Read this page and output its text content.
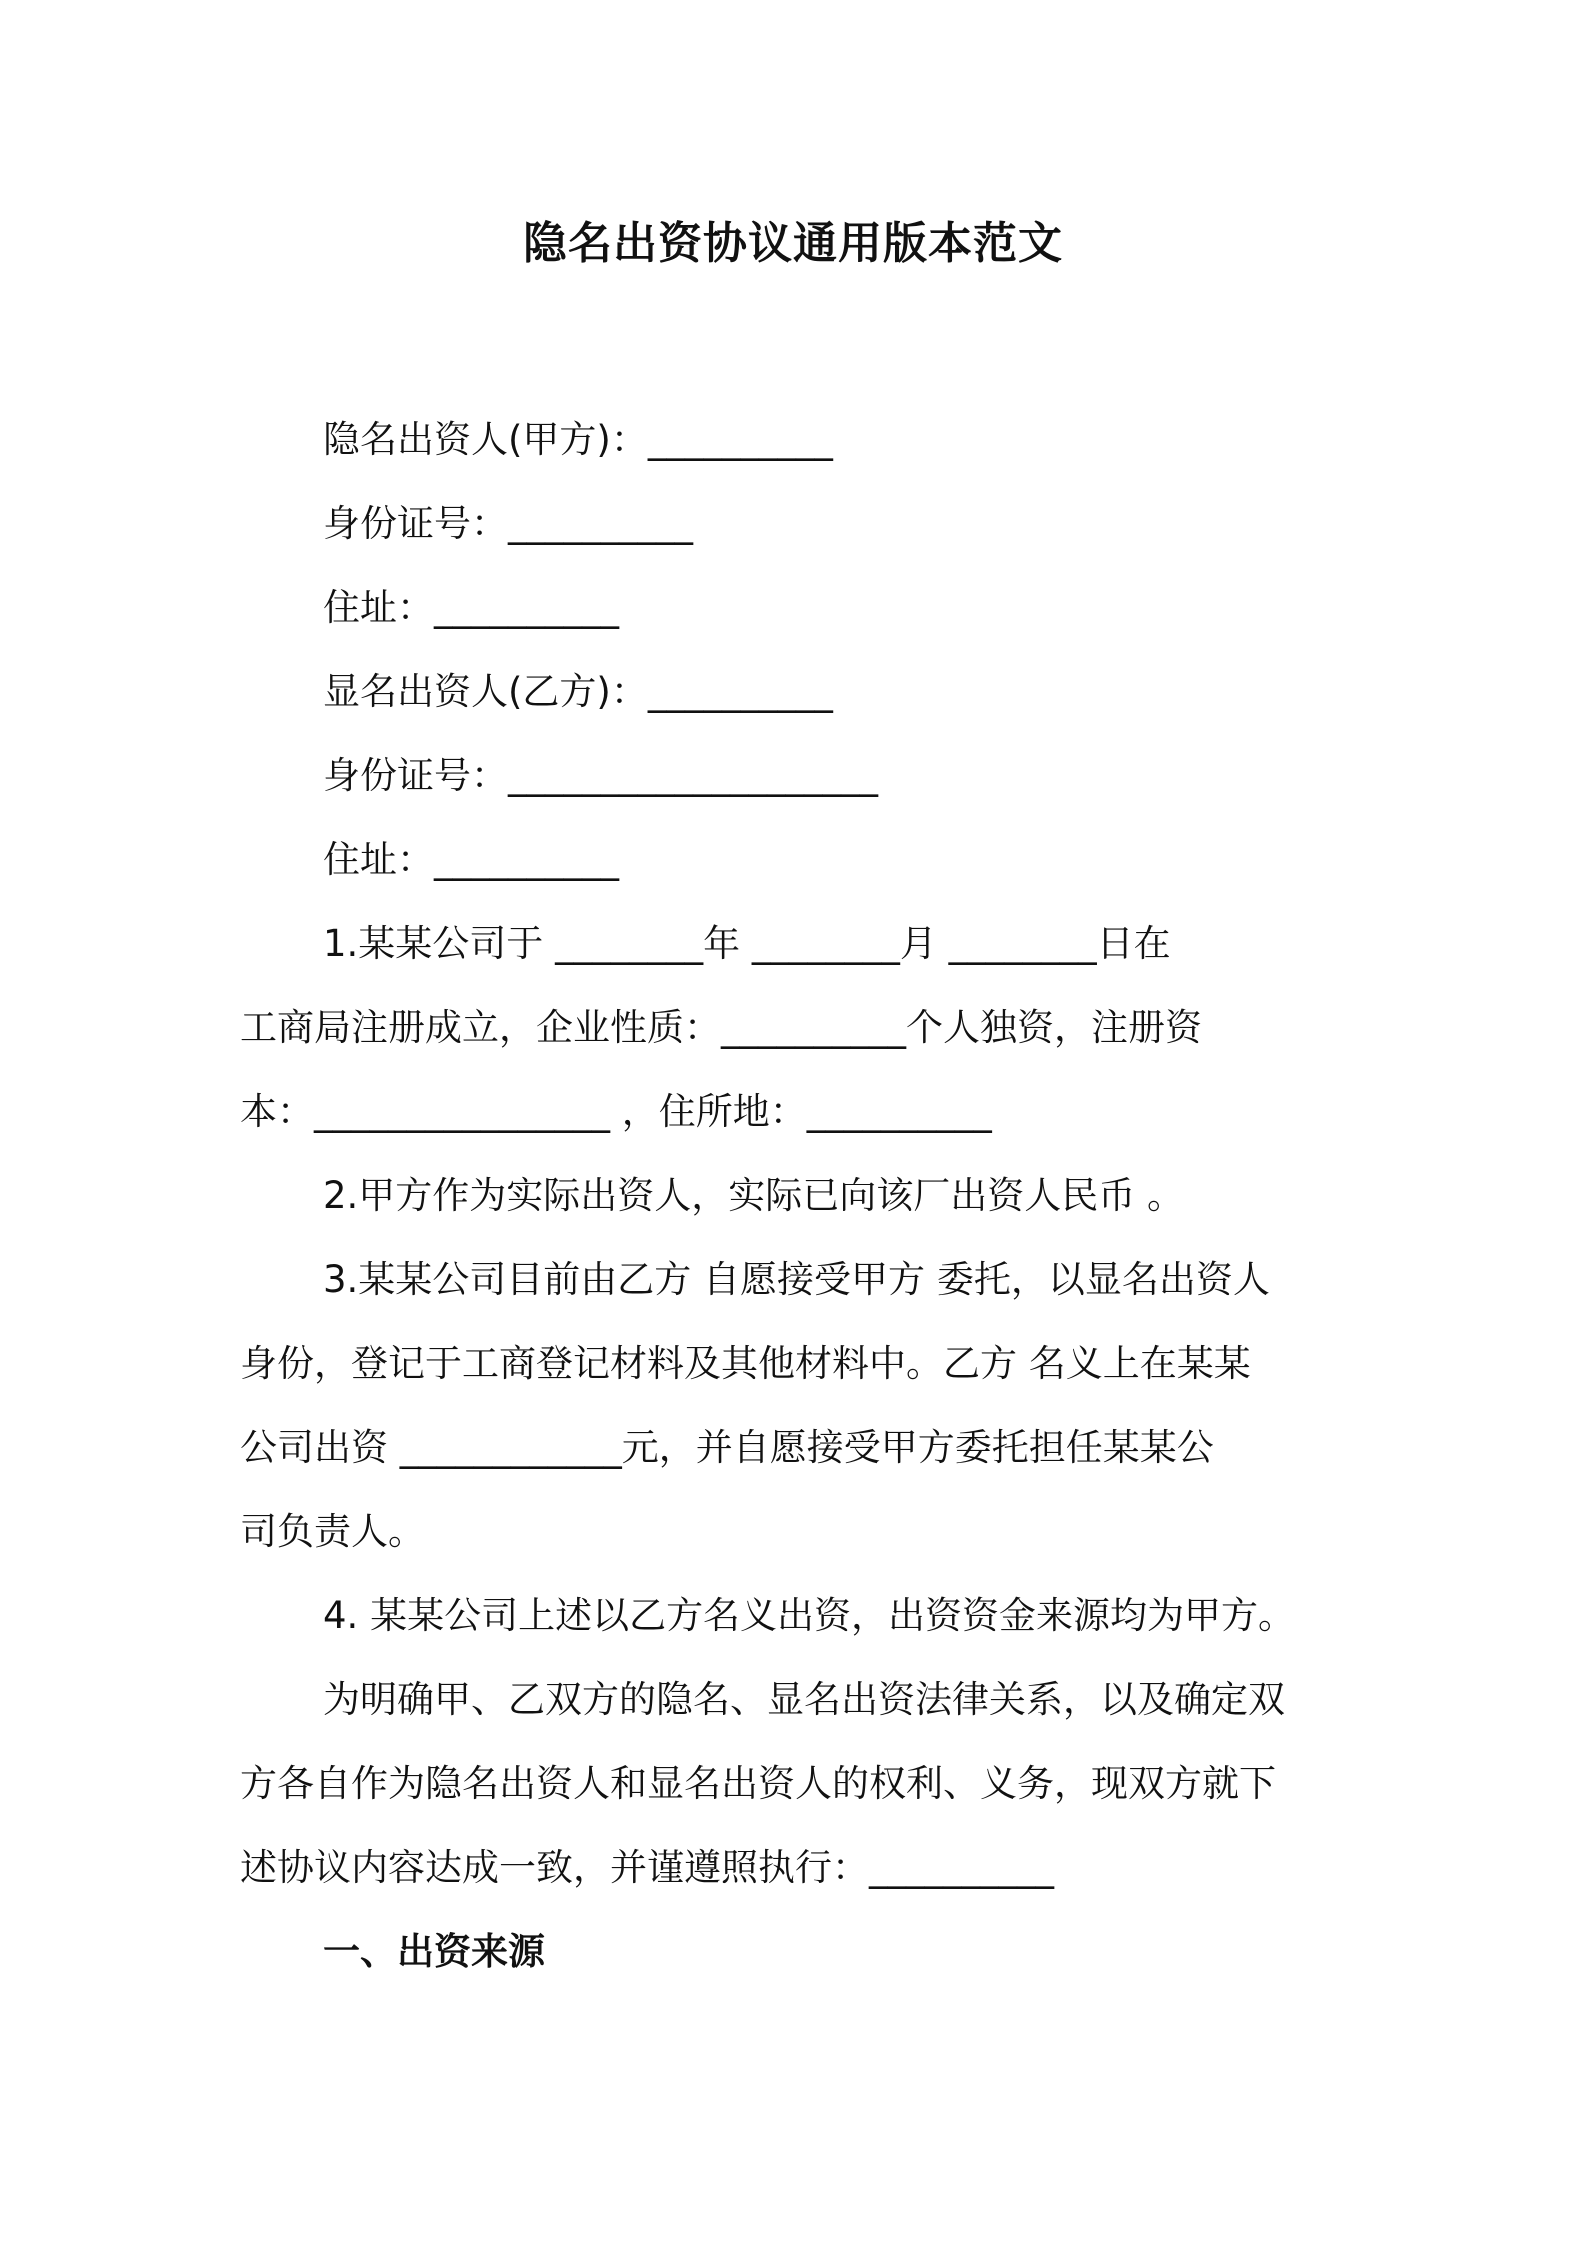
隐名出资协议通用版本范文
隐名出资人(甲方)：__________
身份证号：__________
住址：__________
显名出资人(乙方)：__________
身份证号：____________________
住址：__________
1.某某公司于 ________年 ________月 ________日在
工商局注册成立，企业性质：__________个人独资，注册资
本：________________ ，住所地：__________
2.甲方作为实际出资人，实际已向该厂出资人民币 。
3.某某公司目前由乙方 自愿接受甲方 委托，以显名出资人
身份，登记于工商登记材料及其他材料中。乙方 名义上在某某
公司出资 ____________元，并自愿接受甲方委托担任某某公
司负责人。
4. 某某公司上述以乙方名义出资，出资资金来源均为甲方。
为明确甲、乙双方的隐名、显名出资法律关系，以及确定双
方各自作为隐名出资人和显名出资人的权利、义务，现双方就下
述协议内容达成一致，并谨遵照执行：__________
一、出资来源
